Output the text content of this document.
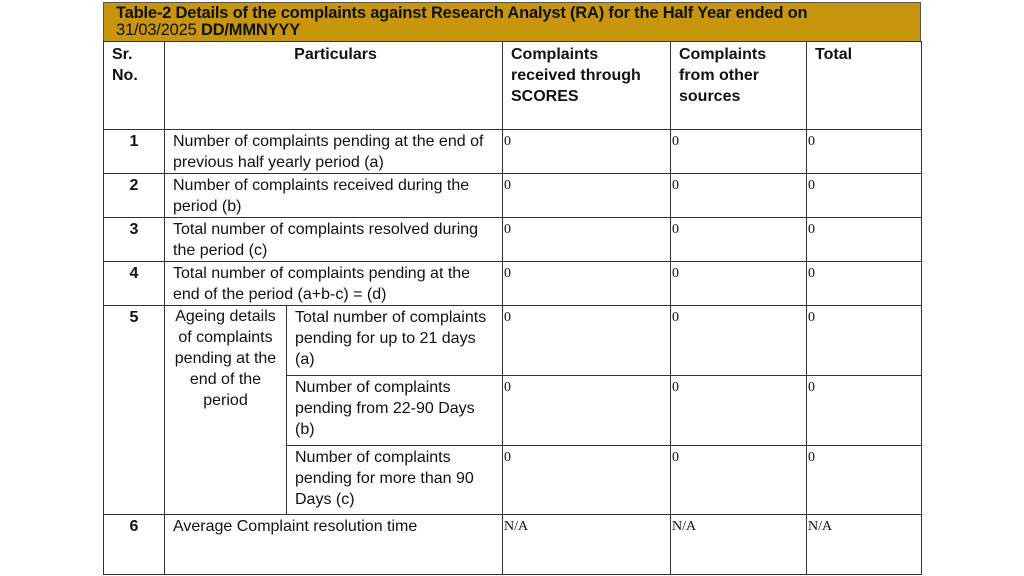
Table-2 Details of the complaints against Research Analyst (RA) for the Half Year ended on
31/03/2025 DD/MMNYYY
Sr. No.	Particulars		Complaints received through SCORES	Complaints from other sources	Total
1	Number of complaints pending at the end of previous half yearly period (a)		0	0	0
2	Number of complaints received during the period (b)		0	0	0
3	Total number of complaints resolved during the period (c)		0	0	0
4	Total number of complaints pending at the end of the period (a+b-c) = (d)		0	0	0
5	Ageing details of complaints pending at the end of the period	Total number of complaints pending for up to 21 days (a)	0	0	0
		Number of complaints pending from 22-90 Days (b)	0	0	0
		Number of complaints pending for more than 90 Days (c)	0	0	0
6	Average Complaint resolution time		N/A	N/A	N/A
